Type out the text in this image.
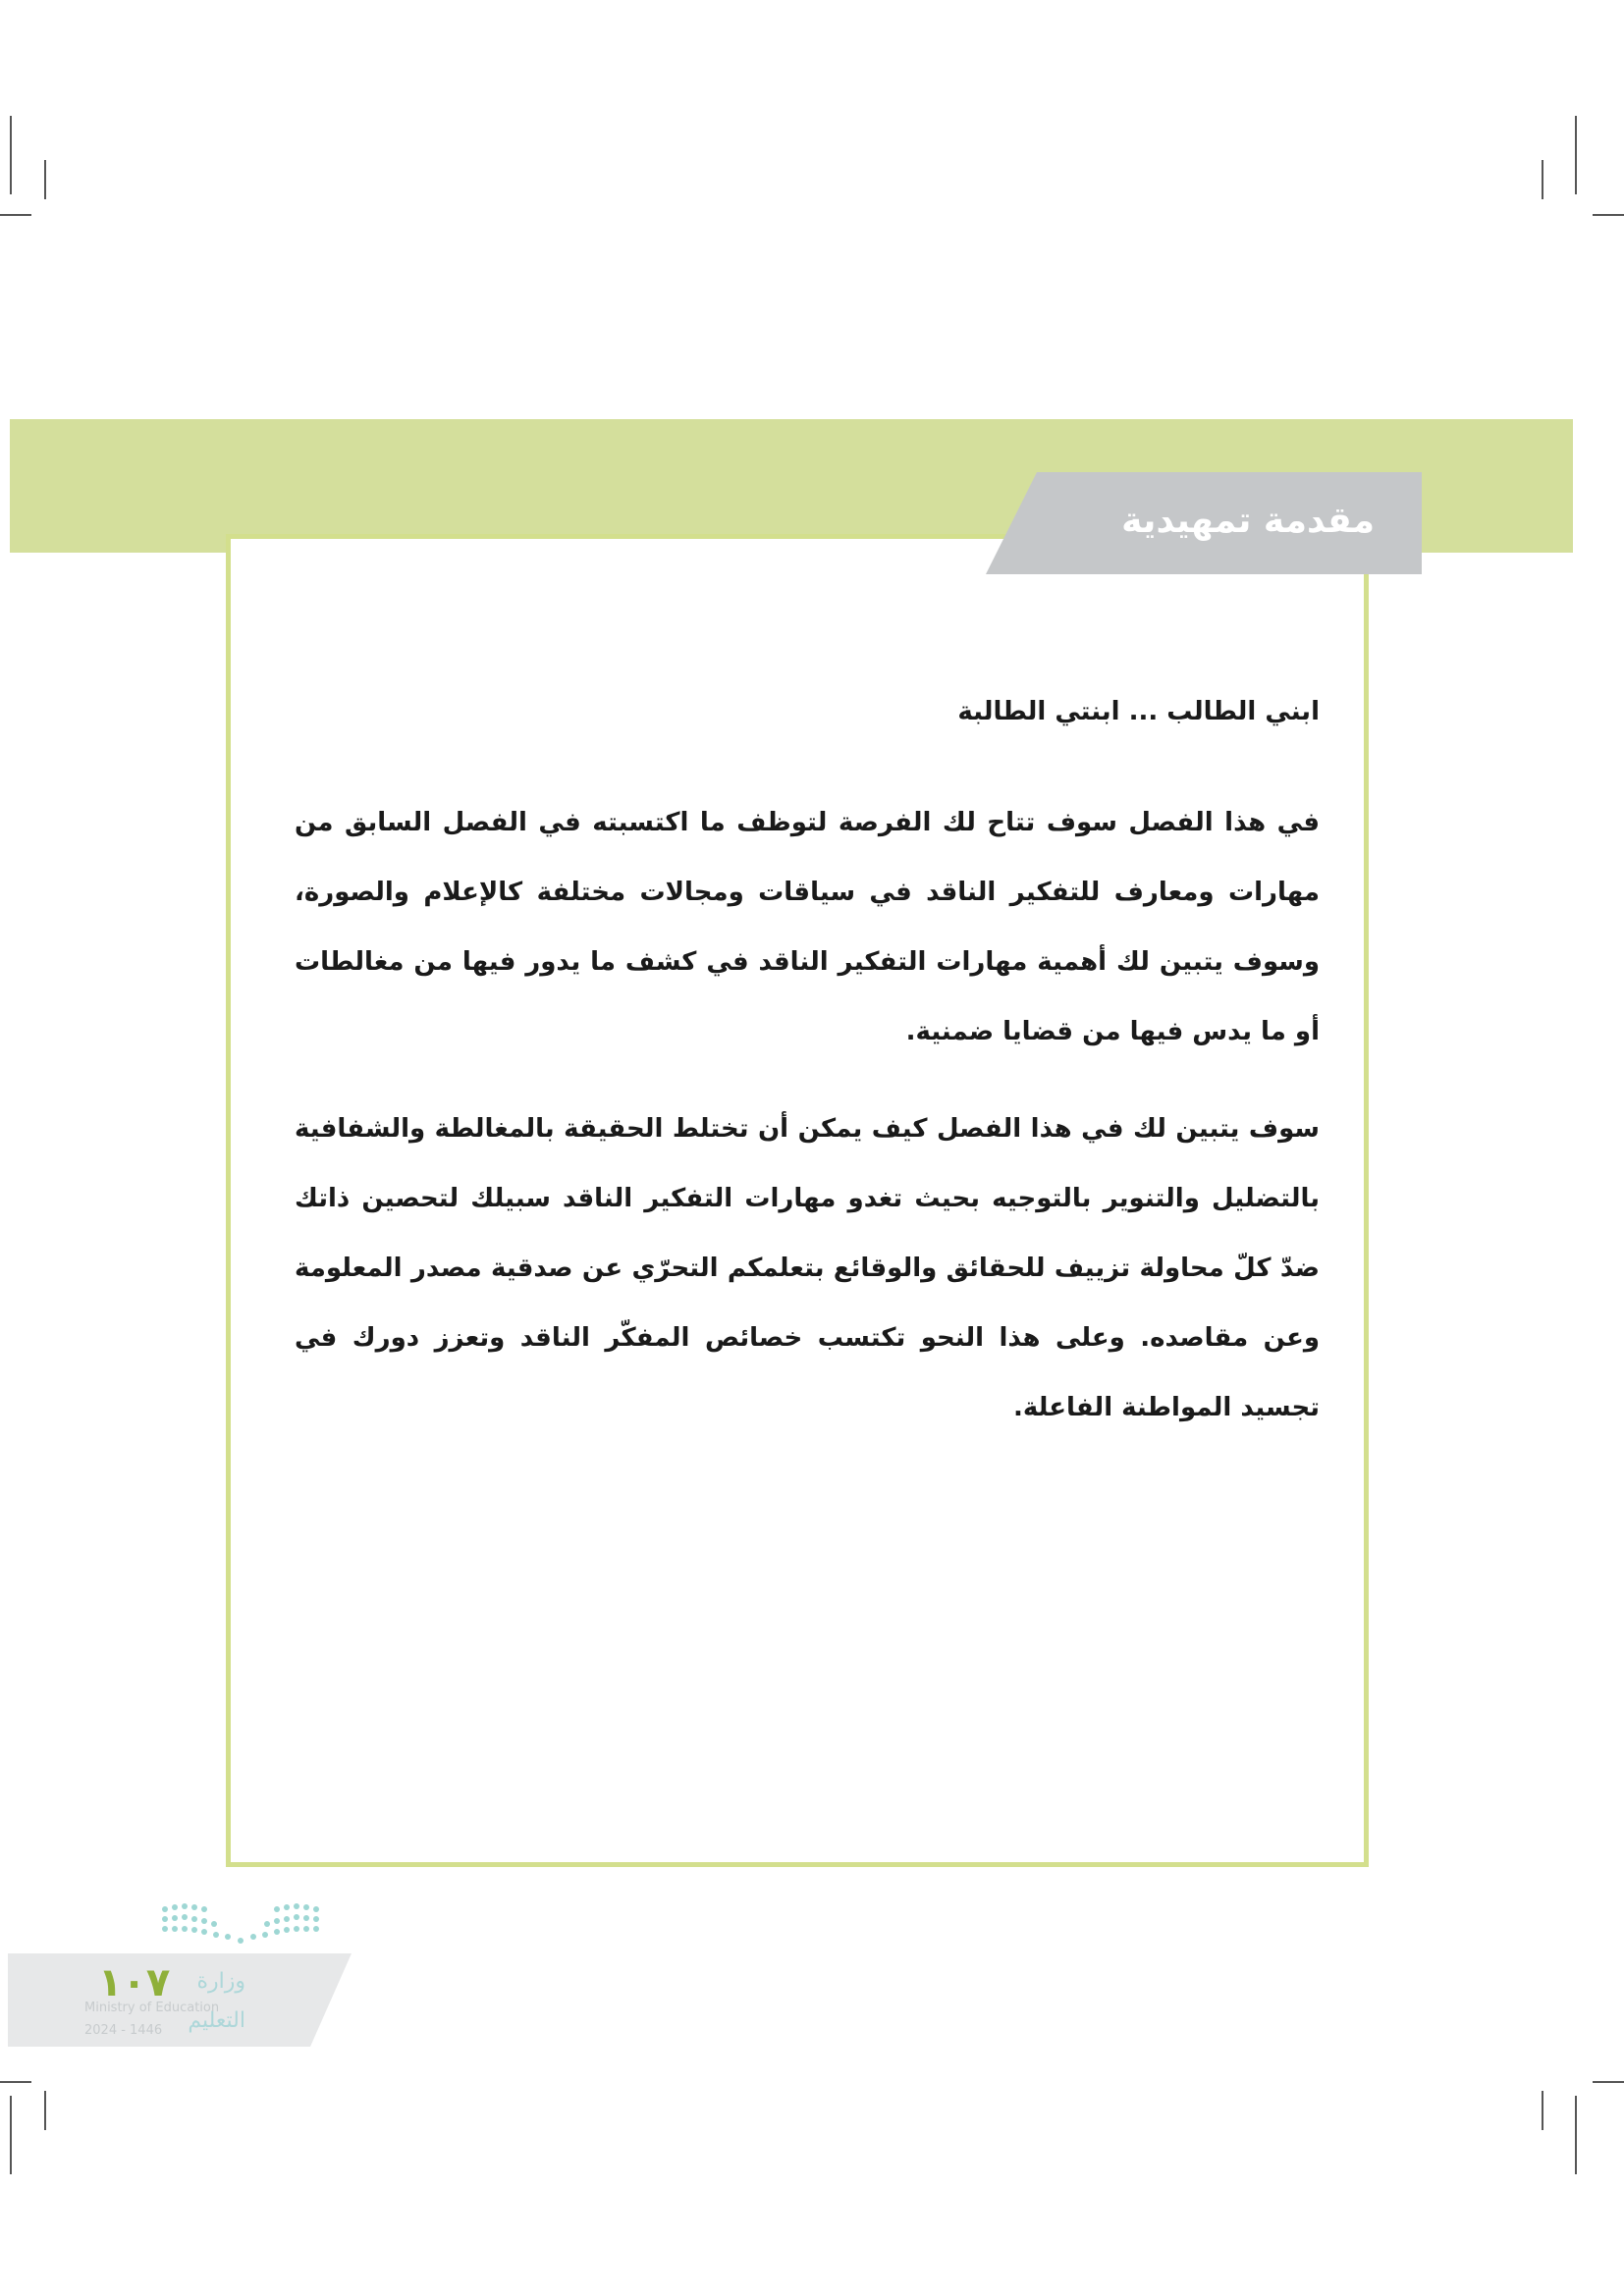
مقدمة تمهيدية
ابني الطالب ... ابنتي الطالبة
في هذا الفصل سوف تتاح لك الفرصة لتوظف ما اكتسبته في الفصل السابق من مهارات ومعارف للتفكير الناقد في سياقات ومجالات مختلفة كالإعلام والصورة، وسوف يتبين لك أهمية مهارات التفكير الناقد في كشف ما يدور فيها من مغالطات أو ما يدس فيها من قضايا ضمنية.
سوف يتبين لك في هذا الفصل كيف يمكن أن تختلط الحقيقة بالمغالطة والشفافية بالتضليل والتنوير بالتوجيه بحيث تغدو مهارات التفكير الناقد سبيلك لتحصين ذاتك ضدّ كلّ محاولة تزييف للحقائق والوقائع بتعلمكم التحرّي عن صدقية مصدر المعلومة وعن مقاصده. وعلى هذا النحو تكتسب خصائص المفكّر الناقد وتعزز دورك في تجسيد المواطنة الفاعلة.
وزارة التعليم
١٠٧
Ministry of Education
2024 - 1446
